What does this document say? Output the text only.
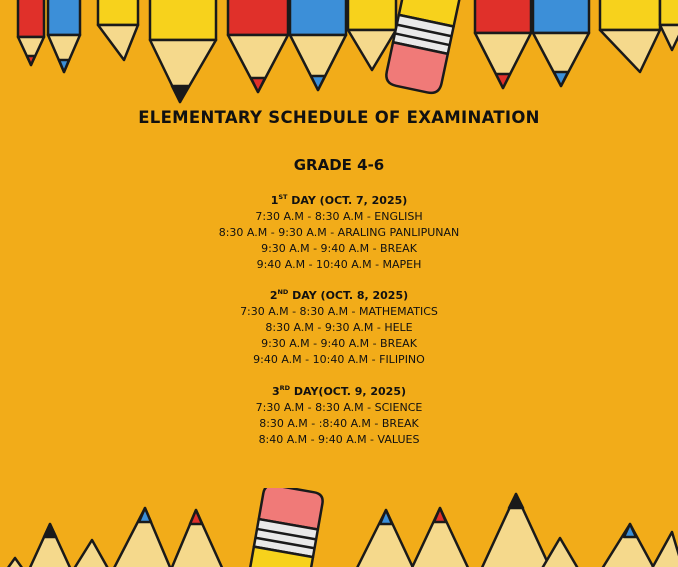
ELEMENTARY SCHEDULE OF EXAMINATION
GRADE 4-6
1ST DAY (OCT. 7, 2025)
7:30 A.M - 8:30 A.M - ENGLISH
8:30 A.M - 9:30 A.M - ARALING PANLIPUNAN
9:30 A.M - 9:40 A.M - BREAK
9:40 A.M - 10:40 A.M - MAPEH
2ND DAY (OCT. 8, 2025)
7:30 A.M - 8:30 A.M - MATHEMATICS
8:30 A.M - 9:30 A.M - HELE
9:30 A.M - 9:40 A.M - BREAK
9:40 A.M - 10:40 A.M - FILIPINO
3RD DAY(OCT. 9, 2025)
7:30 A.M - 8:30 A.M - SCIENCE
8:30 A.M - :8:40 A.M - BREAK
8:40 A.M - 9:40 A.M - VALUES
